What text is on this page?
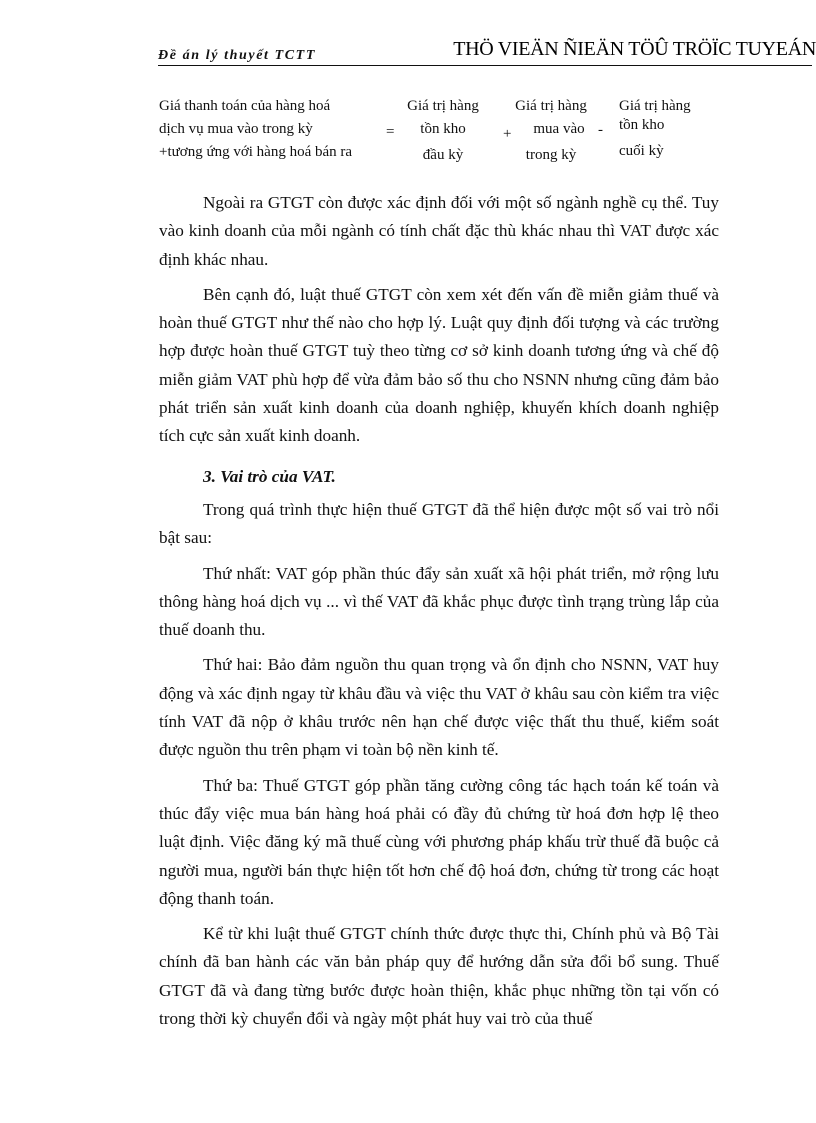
Đề án lý thuyết TCTT	THÖ VIEÄN ÑIEÄN TÖÛ TRÖÏC TUYEÁN
Giá thanh toán của hàng hoá
dịch vụ mua vào trong kỳ
+tương ứng với hàng hoá bán ra
=
Giá trị hàng
tồn kho
đầu kỳ
+
Giá trị hàng
mua vào
trong kỳ
-
Giá trị hàng
tồn kho
cuối kỳ

Ngoài ra GTGT còn được xác định đối với một số ngành nghề cụ thể. Tuy vào kinh doanh của mỗi ngành có tính chất đặc thù khác nhau thì VAT được xác định khác nhau.

Bên cạnh đó, luật thuế GTGT còn xem xét đến vấn đề miễn giảm thuế và hoàn thuế GTGT như thế nào cho hợp lý. Luật quy định đối tượng và các trường hợp được hoàn thuế GTGT tuỳ theo từng cơ sở kinh doanh tương ứng và chế độ miễn giảm VAT phù hợp để vừa đảm bảo số thu cho NSNN nhưng cũng đảm bảo phát triển sản xuất kinh doanh của doanh nghiệp, khuyến khích doanh nghiệp tích cực sản xuất kinh doanh.

3. Vai trò của VAT.

Trong quá trình thực hiện thuế GTGT đã thể hiện được một số vai trò nổi bật sau:

Thứ nhất: VAT góp phần thúc đẩy sản xuất xã hội phát triển, mở rộng lưu thông hàng hoá dịch vụ ... vì thế VAT đã khắc phục được tình trạng trùng lắp của thuế doanh thu.

Thứ hai: Bảo đảm nguồn thu quan trọng và ổn định cho NSNN, VAT huy động và xác định ngay từ khâu đầu và việc thu VAT ở khâu sau còn kiểm tra việc tính VAT đã nộp ở khâu trước nên hạn chế được việc thất thu thuế, kiểm soát được nguồn thu trên phạm vi toàn bộ nền kinh tế.

Thứ ba: Thuế GTGT góp phần tăng cường công tác hạch toán kế toán và thúc đẩy việc mua bán hàng hoá phải có đầy đủ chứng từ hoá đơn hợp lệ theo luật định. Việc đăng ký mã thuế cùng với phương pháp khấu trừ thuế đã buộc cả người mua, người bán thực hiện tốt hơn chế độ hoá đơn, chứng từ trong các hoạt động thanh toán.

Kể từ khi luật thuế GTGT chính thức được thực thi, Chính phủ và Bộ Tài chính đã ban hành các văn bản pháp quy để hướng dẫn sửa đổi bổ sung. Thuế GTGT đã và đang từng bước được hoàn thiện, khắc phục những tồn tại vốn có trong thời kỳ chuyển đổi và ngày một phát huy vai trò của thuế
